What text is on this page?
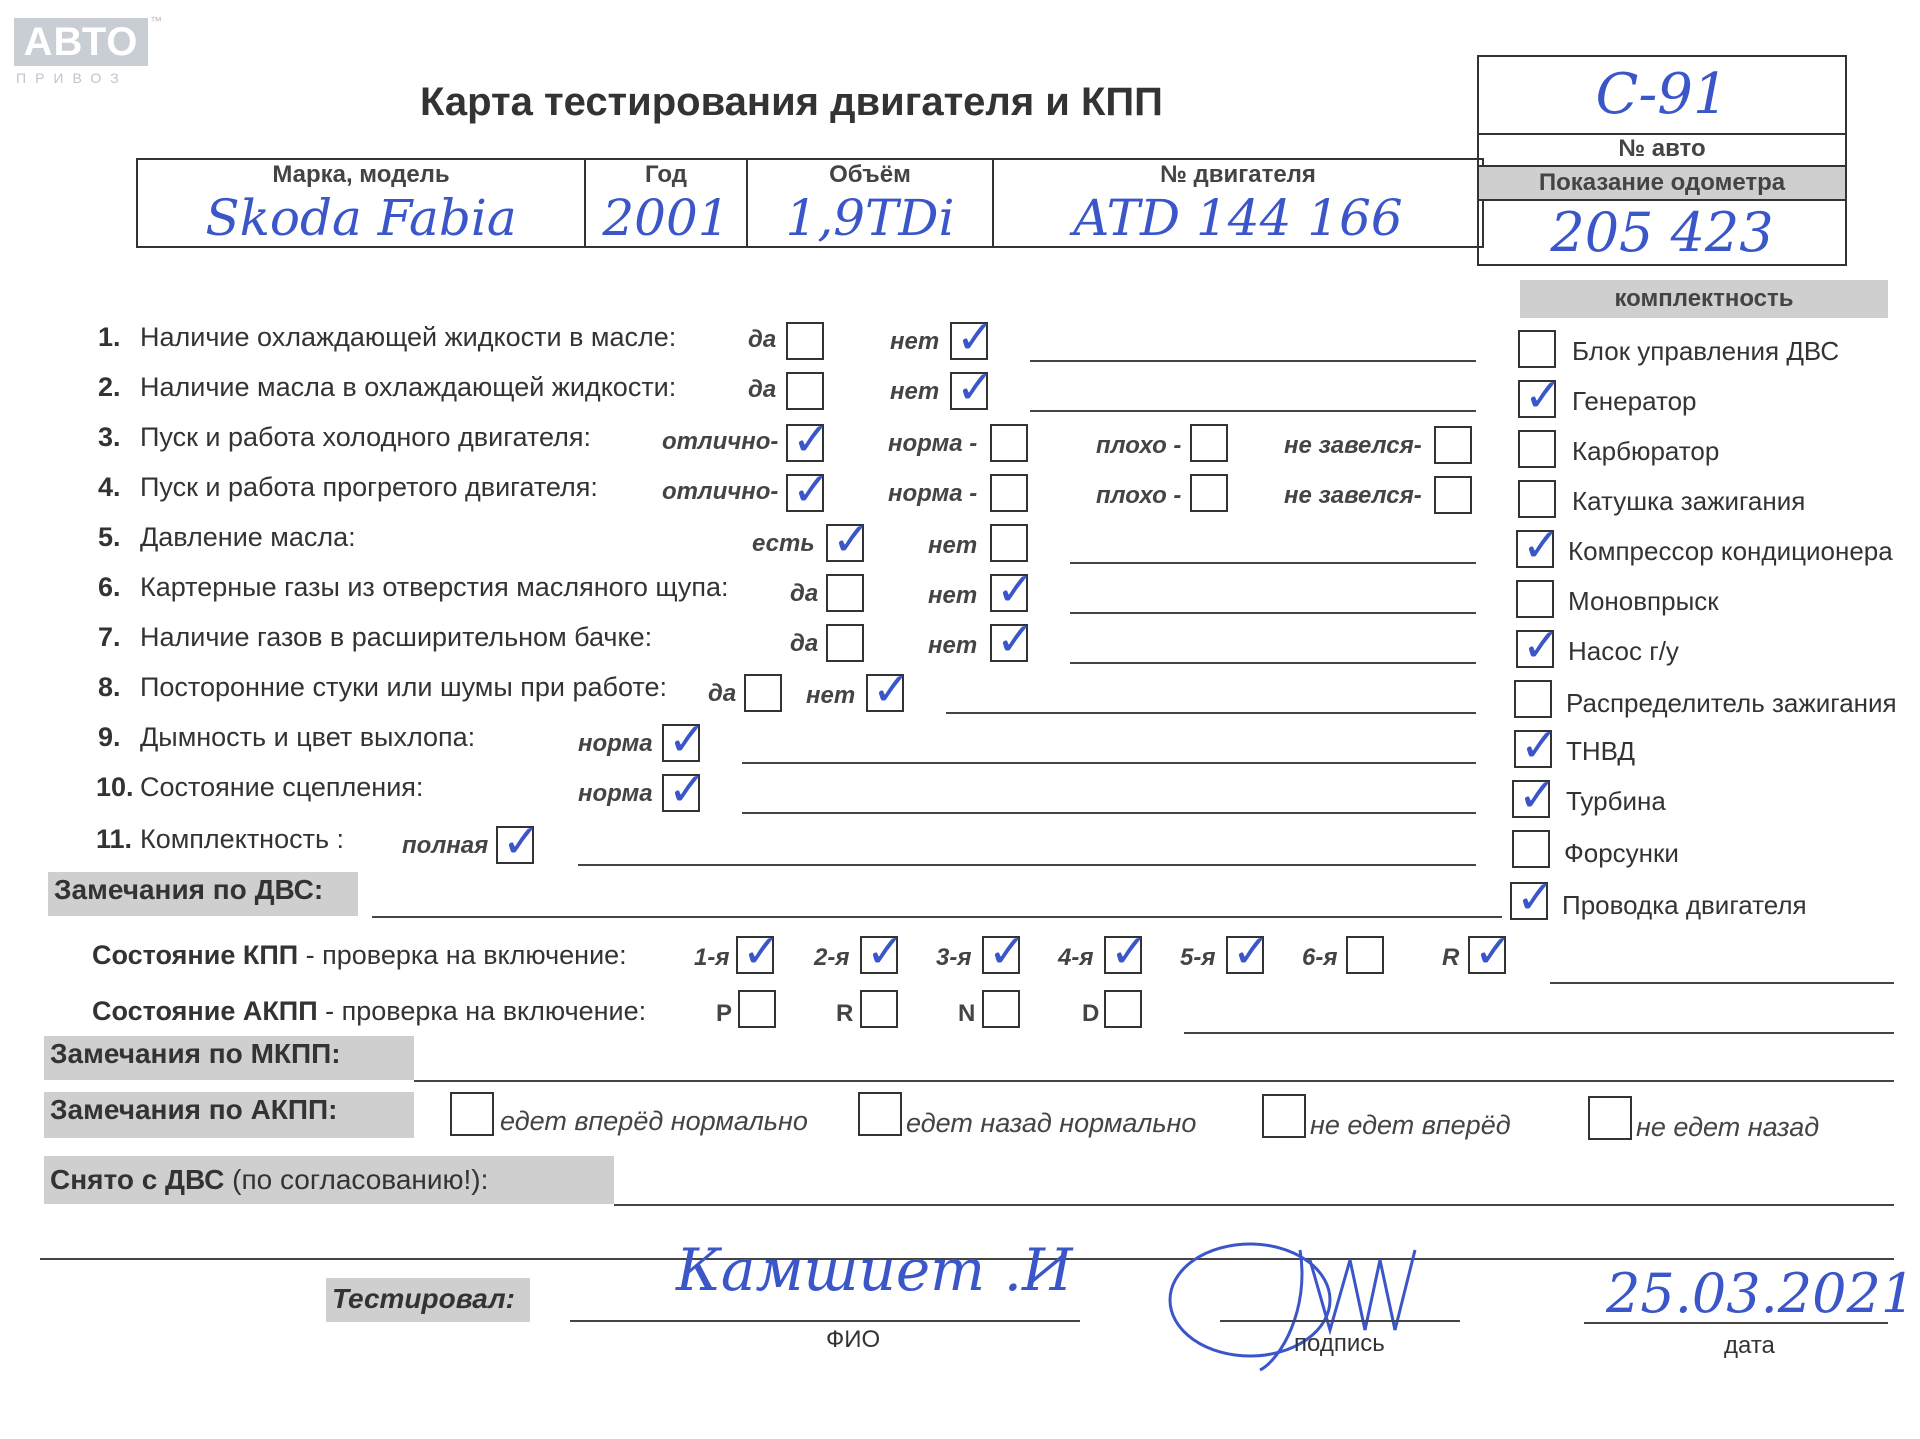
АВТО ™
ПРИВОЗ
Карта тестирования двигателя и КПП
Марка, модель
Skoda Fabia

Год
2001

Объём
1,9TDi

№ двигателя
ATD 144 166
С-91
№ авто
Показание одометра
205 423
1. Наличие охлаждающей жидкости в масле:	да	нет ✓
2. Наличие масла в охлаждающей жидкости:	да	нет ✓
3. Пуск и работа холодного двигателя:	отлично- ✓ норма -	плохо -	не завелся-
4. Пуск и работа прогретого двигателя:	отлично- ✓ норма -	плохо -	не завелся-
5. Давление масла:	есть ✓ нет
6. Картерные газы из отверстия масляного щупа:	да	нет ✓
7. Наличие газов в расширительном бачке:	да	нет ✓
8. Посторонние стуки или шумы при работе: да	нет ✓
9. Дымность и цвет выхлопа:	норма ✓
10. Состояние сцепления:	норма ✓
11. Комплектность : полная ✓
комплектность
Блок управления ДВС
✓ Генератор
Карбюратор
Катушка зажигания
✓ Компрессор кондиционера
Моновпрыск
✓ Насос г/у
Распределитель зажигания
✓ ТНВД
✓ Турбина
Форсунки
✓ Проводка двигателя
Замечания по ДВС:
Состояние КПП - проверка на включение:	1-я ✓ 2-я ✓ 3-я ✓ 4-я ✓ 5-я ✓ 6-я	R ✓
Состояние АКПП - проверка на включение:	P	R	N	D
Замечания по МКПП:
Замечания по АКПП:	едет вперёд нормально	едет назад нормально	не едет вперёд	не едет назад
Снято с ДВС (по согласованию!):
Тестировал:	Камшиет .И
ФИО	подпись
25.03.2021
дата
